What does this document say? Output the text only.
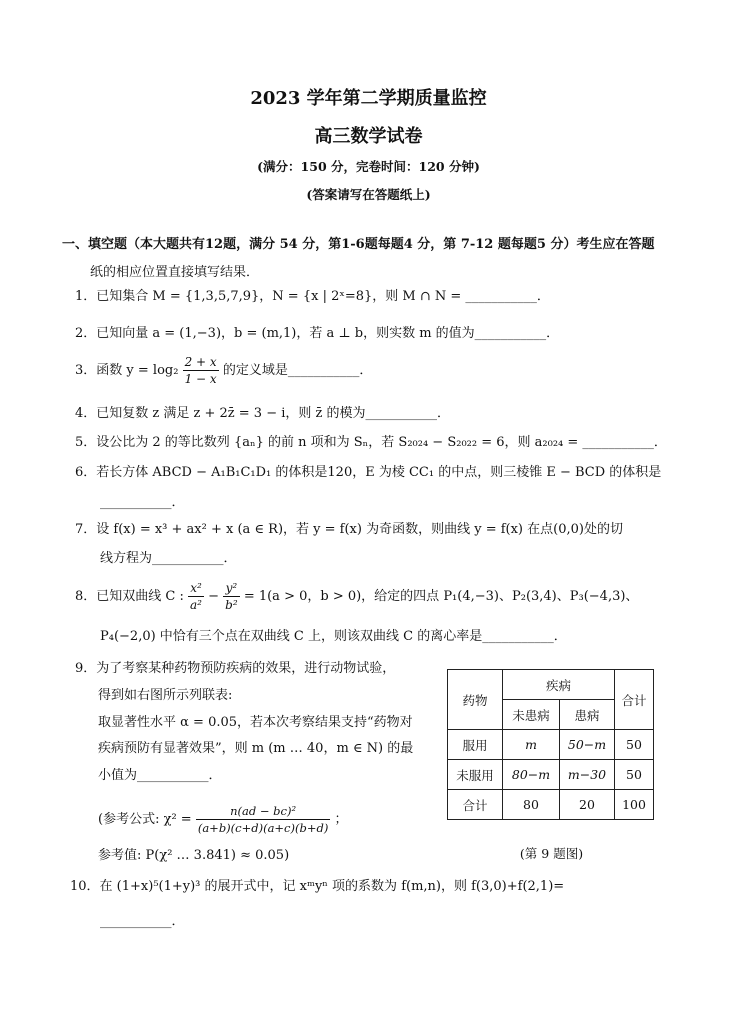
2023 学年第二学期质量监控
高三数学试卷
(满分：150 分，完卷时间：120 分钟)
(答案请写在答题纸上)
一、填空题（本大题共有12题，满分 54 分，第1-6题每题4 分，第 7-12 题每题5 分）考生应在答题
纸的相应位置直接填写结果．
1．已知集合 M = {1,3,5,7,9}，N = {x | 2ˣ=8}，则 M ∩ N = ___________．
2．已知向量 a = (1,−3)，b = (m,1)，若 a ⊥ b，则实数 m 的值为___________．
3．函数 $y = \log_2 \frac{2 + x}{1 - x}$ 的定义域是___________．
4．已知复数 z 满足 z + 2z̄ = 3 − i，则 z̄ 的模为___________．
5．设公比为 2 的等比数列 {aₙ} 的前 n 项和为 Sₙ，若 S₂₀₂₄ − S₂₀₂₂ = 6，则 a₂₀₂₄ = ___________．
6．若长方体 ABCD − A₁B₁C₁D₁ 的体积是120，E 为棱 CC₁ 的中点，则三棱锥 E − BCD 的体积是
___________．
7．设 f(x) = x³ + ax² + x (a ∈ R)，若 y = f(x) 为奇函数，则曲线 y = f(x) 在点(0,0)处的切
线方程为___________．
8．已知双曲线 C : $\frac{\text{x²}}{\text{a²}} - \frac{\text{y²}}{\text{b²}} = 1(a > 0$，b > 0)，给定的四点 P₁(4,−3)、P₂(3,4)、P₃(−4,3)、
P₄(−2,0) 中恰有三个点在双曲线 C 上，则该双曲线 C 的离心率是___________．
9．为了考察某种药物预防疾病的效果，进行动物试验，
得到如右图所示列联表:
取显著性水平 α = 0.05，若本次考察结果支持“药物对
疾病预防有显著效果”，则 m (m … 40，m ∈ N) 的最
小值为___________．
(参考公式: $\chi^2 = \frac{\text{n(ad − bc)²}}{(a+b)(c+d)(a+c)(b+d)}$ ；
参考值: P(χ² … 3.841) ≈ 0.05)
药物	疾病		合计
	未患病	患病	
服用	m	50−m	50
未服用	80−m	m−30	50
合计	80	20	100
(第 9 题图)
10．在 (1+x)⁵(1+y)³ 的展开式中，记 xᵐyⁿ 项的系数为 f(m,n)，则 f(3,0)+f(2,1)=
___________．
